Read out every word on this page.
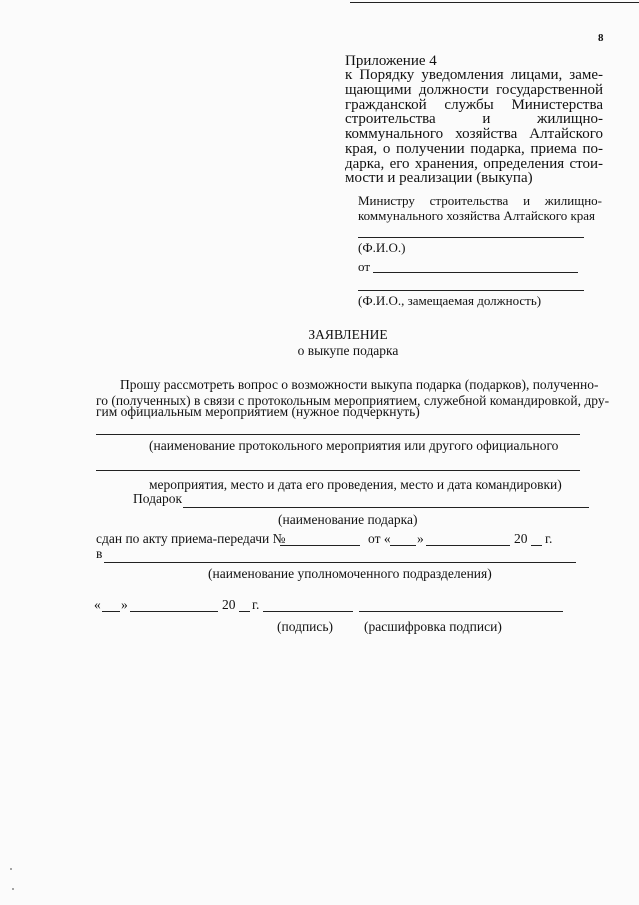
8
Приложение 4
к Порядку уведомления лицами, заме-
щающими должности государственной
гражданской службы Министерства
строительства и жилищно-
коммунального хозяйства Алтайского
края, о получении подарка, приема по-
дарка, его хранения, определения стои-
мости и реализации (выкупа)
Министру строительства и жилищно-
коммунального хозяйства Алтайского края
(Ф.И.О.)
от
(Ф.И.О., замещаемая должность)
ЗАЯВЛЕНИЕ
о выкупе подарка
Прошу рассмотреть вопрос о возможности выкупа подарка (подарков), полученно-
го (полученных) в связи с протокольным мероприятием, служебной командировкой, дру-
гим официальным мероприятием (нужное подчеркнуть)
(наименование протокольного мероприятия или другого официального
мероприятия, место и дата его проведения, место и дата командировки)
Подарок
(наименование подарка)
сдан по акту приема-передачи №	от « »	20 г.
в
(наименование уполномоченного подразделения)
« »	20 г.
(подпись) (расшифровка подписи)
